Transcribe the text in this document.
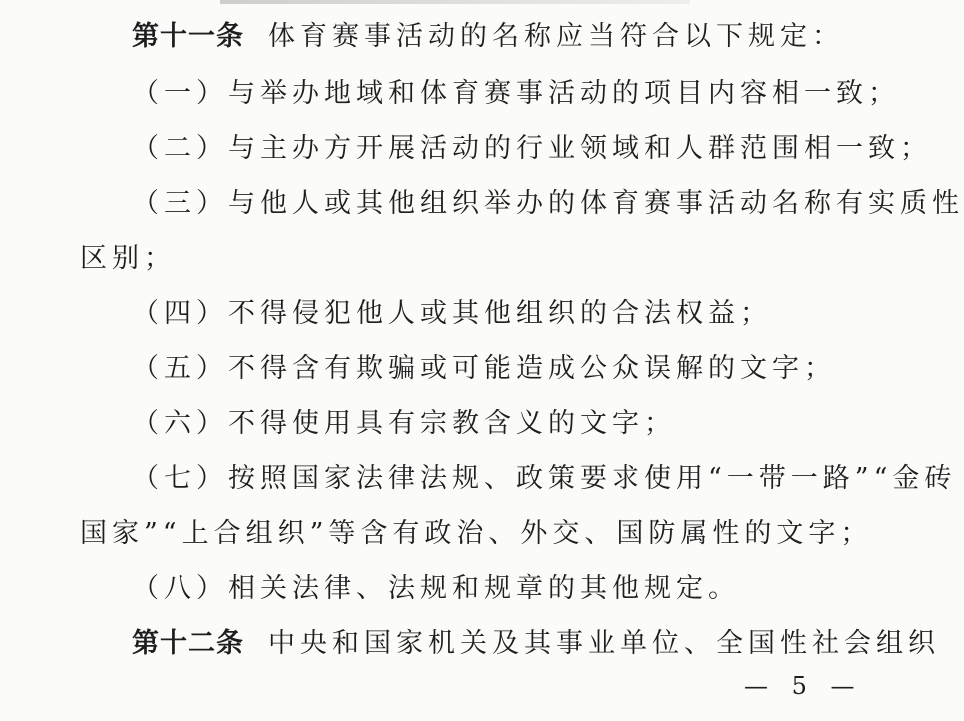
第十一条 体育赛事活动的名称应当符合以下规定：
（一）与举办地域和体育赛事活动的项目内容相一致；
（二）与主办方开展活动的行业领域和人群范围相一致；
（三）与他人或其他组织举办的体育赛事活动名称有实质性
区别；
（四）不得侵犯他人或其他组织的合法权益；
（五）不得含有欺骗或可能造成公众误解的文字；
（六）不得使用具有宗教含义的文字；
（七）按照国家法律法规、政策要求使用“一带一路”“金砖
国家”“上合组织”等含有政治、外交、国防属性的文字；
（八）相关法律、法规和规章的其他规定。
第十二条 中央和国家机关及其事业单位、全国性社会组织
— 5 —
